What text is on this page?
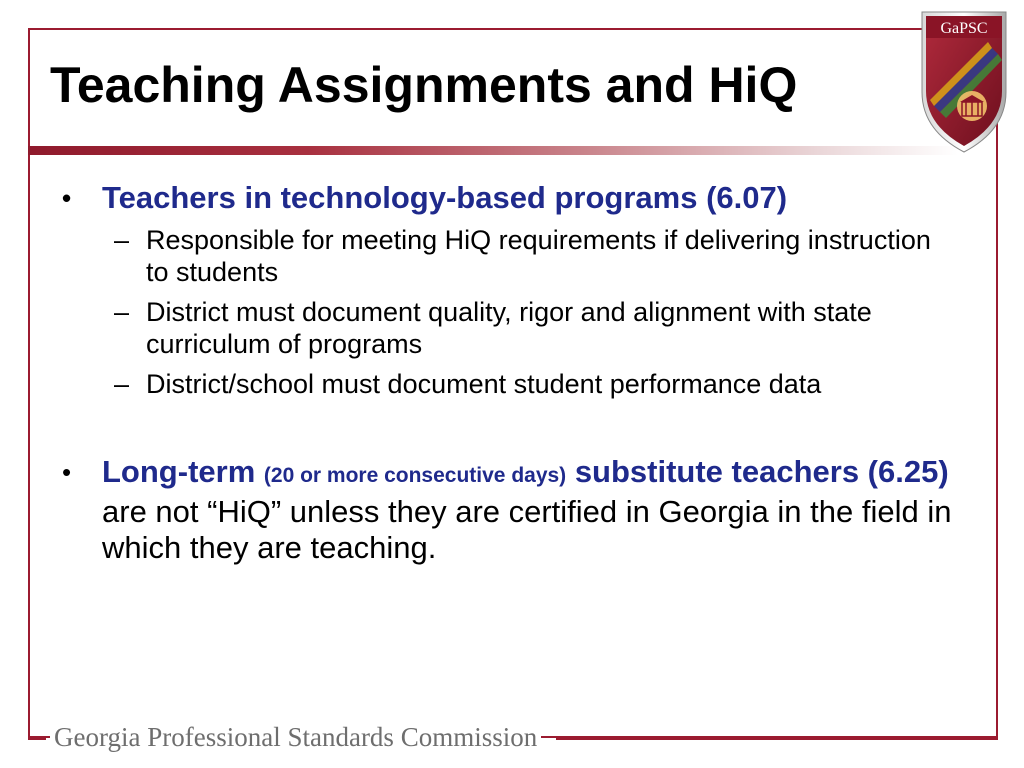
Teaching Assignments and HiQ
GaPSC
• Teachers in technology-based programs (6.07)
– Responsible for meeting HiQ requirements if delivering instruction to students
– District must document quality, rigor and alignment with state curriculum of programs
– District/school must document student performance data
• Long-term (20 or more consecutive days) substitute teachers (6.25) are not “HiQ” unless they are certified in Georgia in the field in which they are teaching.
Georgia Professional Standards Commission
